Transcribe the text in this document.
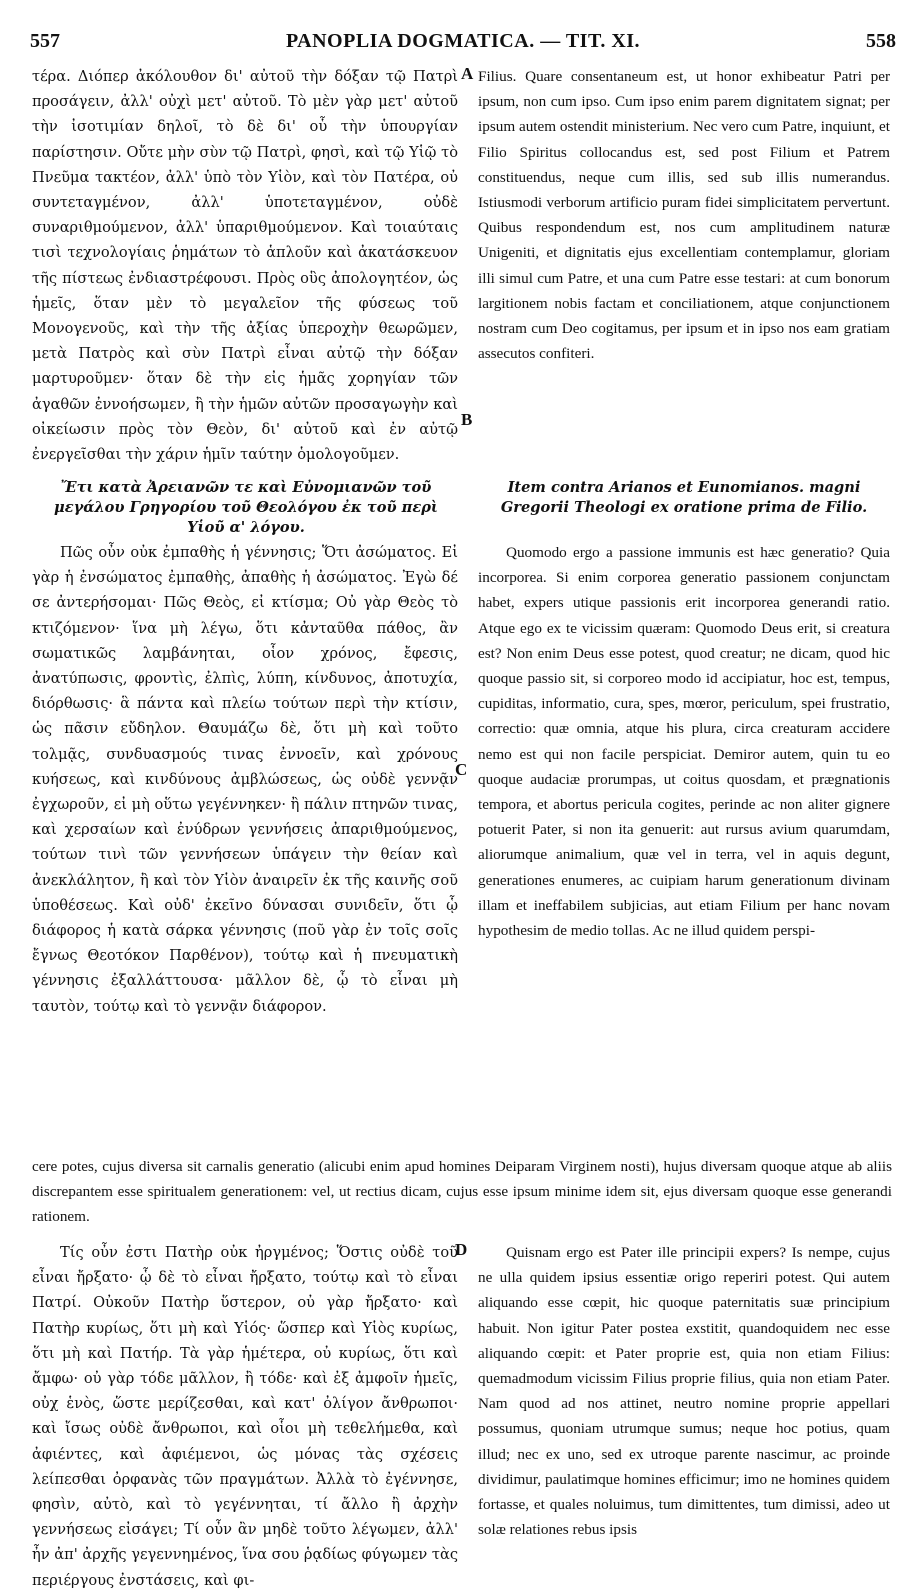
557	PANOPLIA DOGMATICA. — TIT. XI.	558

τέρα. Διόπερ ἀκόλουθον δι' αὐτοῦ τὴν δόξαν τῷ Πατρὶ προσάγειν, ἀλλ' οὐχὶ μετ' αὐτοῦ. Τὸ μὲν γὰρ μετ' αὐτοῦ τὴν ἰσοτιμίαν δηλοῖ, τὸ δὲ δι' οὗ τὴν ὑπουργίαν παρίστησιν. Οὔτε μὴν σὺν τῷ Πατρὶ, φησὶ, καὶ τῷ Υἱῷ τὸ Πνεῦμα τακτέον, ἀλλ' ὑπὸ τὸν Υἱὸν, καὶ τὸν Πατέρα, οὐ συντεταγμένον, ἀλλ' ὑποτεταγμένον, οὐδὲ συναριθμούμενον, ἀλλ' ὑπαριθμούμενον. Καὶ τοιαύταις τισὶ τεχνολογίαις ῥημάτων τὸ ἁπλοῦν καὶ ἀκατάσκευον τῆς πίστεως ἐνδιαστρέφουσι. Πρὸς οὓς ἀπολογητέον, ὡς ἡμεῖς, ὅταν μὲν τὸ μεγαλεῖον τῆς φύσεως τοῦ Μονογενοῦς, καὶ τὴν τῆς ἀξίας ὑπεροχὴν θεωρῶμεν, μετὰ Πατρὸς καὶ σὺν Πατρὶ εἶναι αὐτῷ τὴν δόξαν μαρτυροῦμεν· ὅταν δὲ τὴν εἰς ἡμᾶς χορηγίαν τῶν ἀγαθῶν ἐννοήσωμεν, ἢ τὴν ἡμῶν αὐτῶν προσαγωγὴν καὶ οἰκείωσιν πρὸς τὸν Θεὸν, δι' αὐτοῦ καὶ ἐν αὐτῷ ἐνεργεῖσθαι τὴν χάριν ἡμῖν ταύτην ὁμολογοῦμεν.

Filius. Quare consentaneum est, ut honor exhibeatur Patri per ipsum, non cum ipso. Cum ipso enim parem dignitatem signat; per ipsum autem ostendit ministerium. Nec vero cum Patre, inquiunt, et Filio Spiritus collocandus est, sed post Filium et Patrem constituendus, neque cum illis, sed sub illis numerandus. Istiusmodi verborum artificio puram fidei simplicitatem pervertunt. Quibus respondendum est, nos cum amplitudinem naturæ Unigeniti, et dignitatis ejus excellentiam contemplamur, gloriam illi simul cum Patre, et una cum Patre esse testari: at cum bonorum largitionem nobis factam et conciliationem, atque conjunctionem nostram cum Deo cogitamus, per ipsum et in ipso nos eam gratiam assecutos confiteri.

A
B

Ἔτι κατὰ Ἀρειανῶν τε καὶ Εὐνομιανῶν τοῦ μεγάλου Γρηγορίου τοῦ Θεολόγου ἐκ τοῦ περὶ Υἱοῦ α' λόγου.

Item contra Arianos et Eunomianos. magni Gregorii Theologi ex oratione prima de Filio.

Πῶς οὖν οὐκ ἐμπαθὴς ἡ γέννησις; Ὅτι ἀσώματος. Εἰ γὰρ ἡ ἐνσώματος ἐμπαθὴς, ἀπαθὴς ἡ ἀσώματος. Ἐγὼ δέ σε ἀντερήσομαι· Πῶς Θεὸς, εἰ κτίσμα; Οὐ γὰρ Θεὸς τὸ κτιζόμενον· ἵνα μὴ λέγω, ὅτι κἀνταῦθα πάθος, ἂν σωματικῶς λαμβάνηται, οἷον χρόνος, ἔφεσις, ἀνατύπωσις, φροντὶς, ἐλπὶς, λύπη, κίνδυνος, ἀποτυχία, διόρθωσις· ἃ πάντα καὶ πλείω τούτων περὶ τὴν κτίσιν, ὡς πᾶσιν εὔδηλον. Θαυμάζω δὲ, ὅτι μὴ καὶ τοῦτο τολμᾷς, συνδυασμούς τινας ἐννοεῖν, καὶ χρόνους κυήσεως, καὶ κινδύνους ἀμβλώσεως, ὡς οὐδὲ γεννᾷν ἐγχωροῦν, εἰ μὴ οὕτω γεγέννηκεν· ἢ πάλιν πτηνῶν τινας, καὶ χερσαίων καὶ ἐνύδρων γεννήσεις ἀπαριθμούμενος, τούτων τινὶ τῶν γεννήσεων ὑπάγειν τὴν θείαν καὶ ἀνεκλάλητον, ἢ καὶ τὸν Υἱὸν ἀναιρεῖν ἐκ τῆς καινῆς σοῦ ὑποθέσεως. Καὶ οὐδ' ἐκεῖνο δύνασαι συνιδεῖν, ὅτι ᾧ διάφορος ἡ κατὰ σάρκα γέννησις (ποῦ γὰρ ἐν τοῖς σοῖς ἔγνως Θεοτόκον Παρθένον), τούτῳ καὶ ἡ πνευματικὴ γέννησις ἐξαλλάττουσα· μᾶλλον δὲ, ᾧ τὸ εἶναι μὴ ταυτὸν, τούτῳ καὶ τὸ γεννᾷν διάφορον.

Quomodo ergo a passione immunis est hæc generatio? Quia incorporea. Si enim corporea generatio passionem conjunctam habet, expers utique passionis erit incorporea generandi ratio. Atque ego ex te vicissim quæram: Quomodo Deus erit, si creatura est? Non enim Deus esse potest, quod creatur; ne dicam, quod hic quoque passio sit, si corporeo modo id accipiatur, hoc est, tempus, cupiditas, informatio, cura, spes, mœror, periculum, spei frustratio, correctio: quæ omnia, atque his plura, circa creaturam accidere nemo est qui non facile perspiciat. Demiror autem, quin tu eo quoque audaciæ prorumpas, ut coitus quosdam, et prægnationis tempora, et abortus pericula cogites, perinde ac non aliter gignere potuerit Pater, si non ita genuerit: aut rursus avium quarumdam, aliorumque animalium, quæ vel in terra, vel in aquis degunt, generationes enumeres, ac cuipiam harum generationum divinam illam et ineffabilem subjicias, aut etiam Filium per hanc novam hypothesim de medio tollas. Ac ne illud quidem perspi-

C

cere potes, cujus diversa sit carnalis generatio (alicubi enim apud homines Deiparam Virginem nosti), hujus diversam quoque atque ab aliis discrepantem esse spiritualem generationem: vel, ut rectius dicam, cujus esse ipsum minime idem sit, ejus diversam quoque esse generandi rationem.

Τίς οὖν ἐστι Πατὴρ οὐκ ἠργμένος; Ὅστις οὐδὲ τοῦ εἶναι ἤρξατο· ᾧ δὲ τὸ εἶναι ἤρξατο, τούτῳ καὶ τὸ εἶναι Πατρί. Οὐκοῦν Πατὴρ ὕστερον, οὐ γὰρ ἤρξατο· καὶ Πατὴρ κυρίως, ὅτι μὴ καὶ Υἱός· ὥσπερ καὶ Υἱὸς κυρίως, ὅτι μὴ καὶ Πατήρ. Τὰ γὰρ ἡμέτερα, οὐ κυρίως, ὅτι καὶ ἄμφω· οὐ γὰρ τόδε μᾶλλον, ἢ τόδε· καὶ ἐξ ἀμφοῖν ἡμεῖς, οὐχ ἑνὸς, ὥστε μερίζεσθαι, καὶ κατ' ὀλίγον ἄνθρωποι· καὶ ἴσως οὐδὲ ἄνθρωποι, καὶ οἷοι μὴ τεθελήμεθα, καὶ ἀφιέντες, καὶ ἀφιέμενοι, ὡς μόνας τὰς σχέσεις λείπεσθαι ὀρφανὰς τῶν πραγμάτων. Ἀλλὰ τὸ ἐγέννησε, φησὶν, αὐτὸ, καὶ τὸ γεγέννηται, τί ἄλλο ἢ ἀρχὴν γεννήσεως εἰσάγει; Τί οὖν ἂν μηδὲ τοῦτο λέγωμεν, ἀλλ' ἦν ἀπ' ἀρχῆς γεγεννημένος, ἵνα σου ῥᾳδίως φύγωμεν τὰς περιέργους ἐνστάσεις, καὶ φι-

Quisnam ergo est Pater ille principii expers? Is nempe, cujus ne ulla quidem ipsius essentiæ origo reperiri potest. Qui autem aliquando esse cœpit, hic quoque paternitatis suæ principium habuit. Non igitur Pater postea exstitit, quandoquidem nec esse aliquando cœpit: et Pater proprie est, quia non etiam Filius: quemadmodum vicissim Filius proprie filius, quia non etiam Pater. Nam quod ad nos attinet, neutro nomine proprie appellari possumus, quoniam utrumque sumus; neque hoc potius, quam illud; nec ex uno, sed ex utroque parente nascimur, ac proinde dividimur, paulatimque homines efficimur; imo ne homines quidem fortasse, et quales noluimus, tum dimittentes, tum dimissi, adeo ut solæ relationes rebus ipsis

D
